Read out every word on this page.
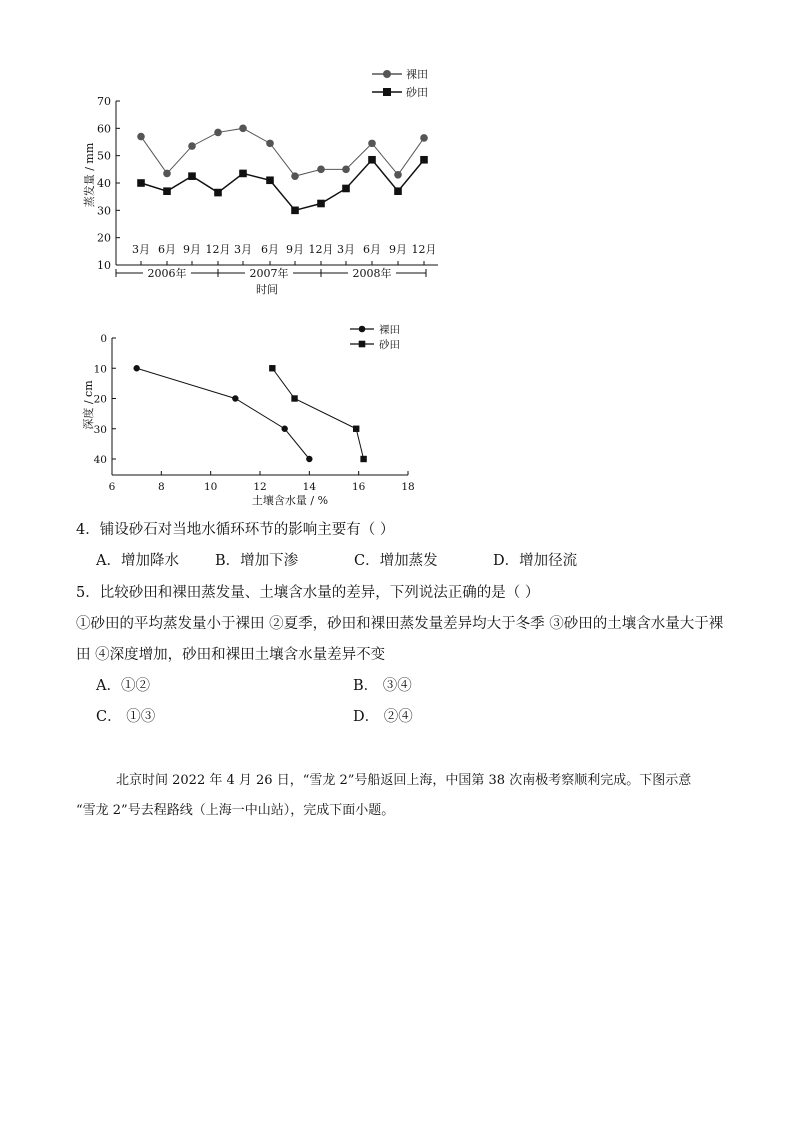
10
20
30
40
50
60
70
3月 6月 9月 12月 3月 6月 9月 12月 3月 6月 9月 12月
2006年	2007年	2008年
时间
蒸发量 / mm
裸田
砂田
0
10
20
30
40
6	8	10	12	14	16	18
土壤含水量 / %
深度 / cm
裸田
砂田
4．铺设砂石对当地水循环环节的影响主要有（ ）
A．增加降水 B．增加下渗	C．增加蒸发	D．增加径流
5．比较砂田和裸田蒸发量、土壤含水量的差异，下列说法正确的是（ ）
①砂田的平均蒸发量小于裸田 ②夏季，砂田和裸田蒸发量差异均大于冬季 ③砂田的土壤含水量大于裸
田 ④深度增加，砂田和裸田土壤含水量差异不变
A．①②	B． ③④
C． ①③	D． ②④
北京时间 2022 年 4 月 26 日，“雪龙 2”号船返回上海，中国第 38 次南极考察顺利完成。下图示意
“雪龙 2”号去程路线（上海一中山站），完成下面小题。
